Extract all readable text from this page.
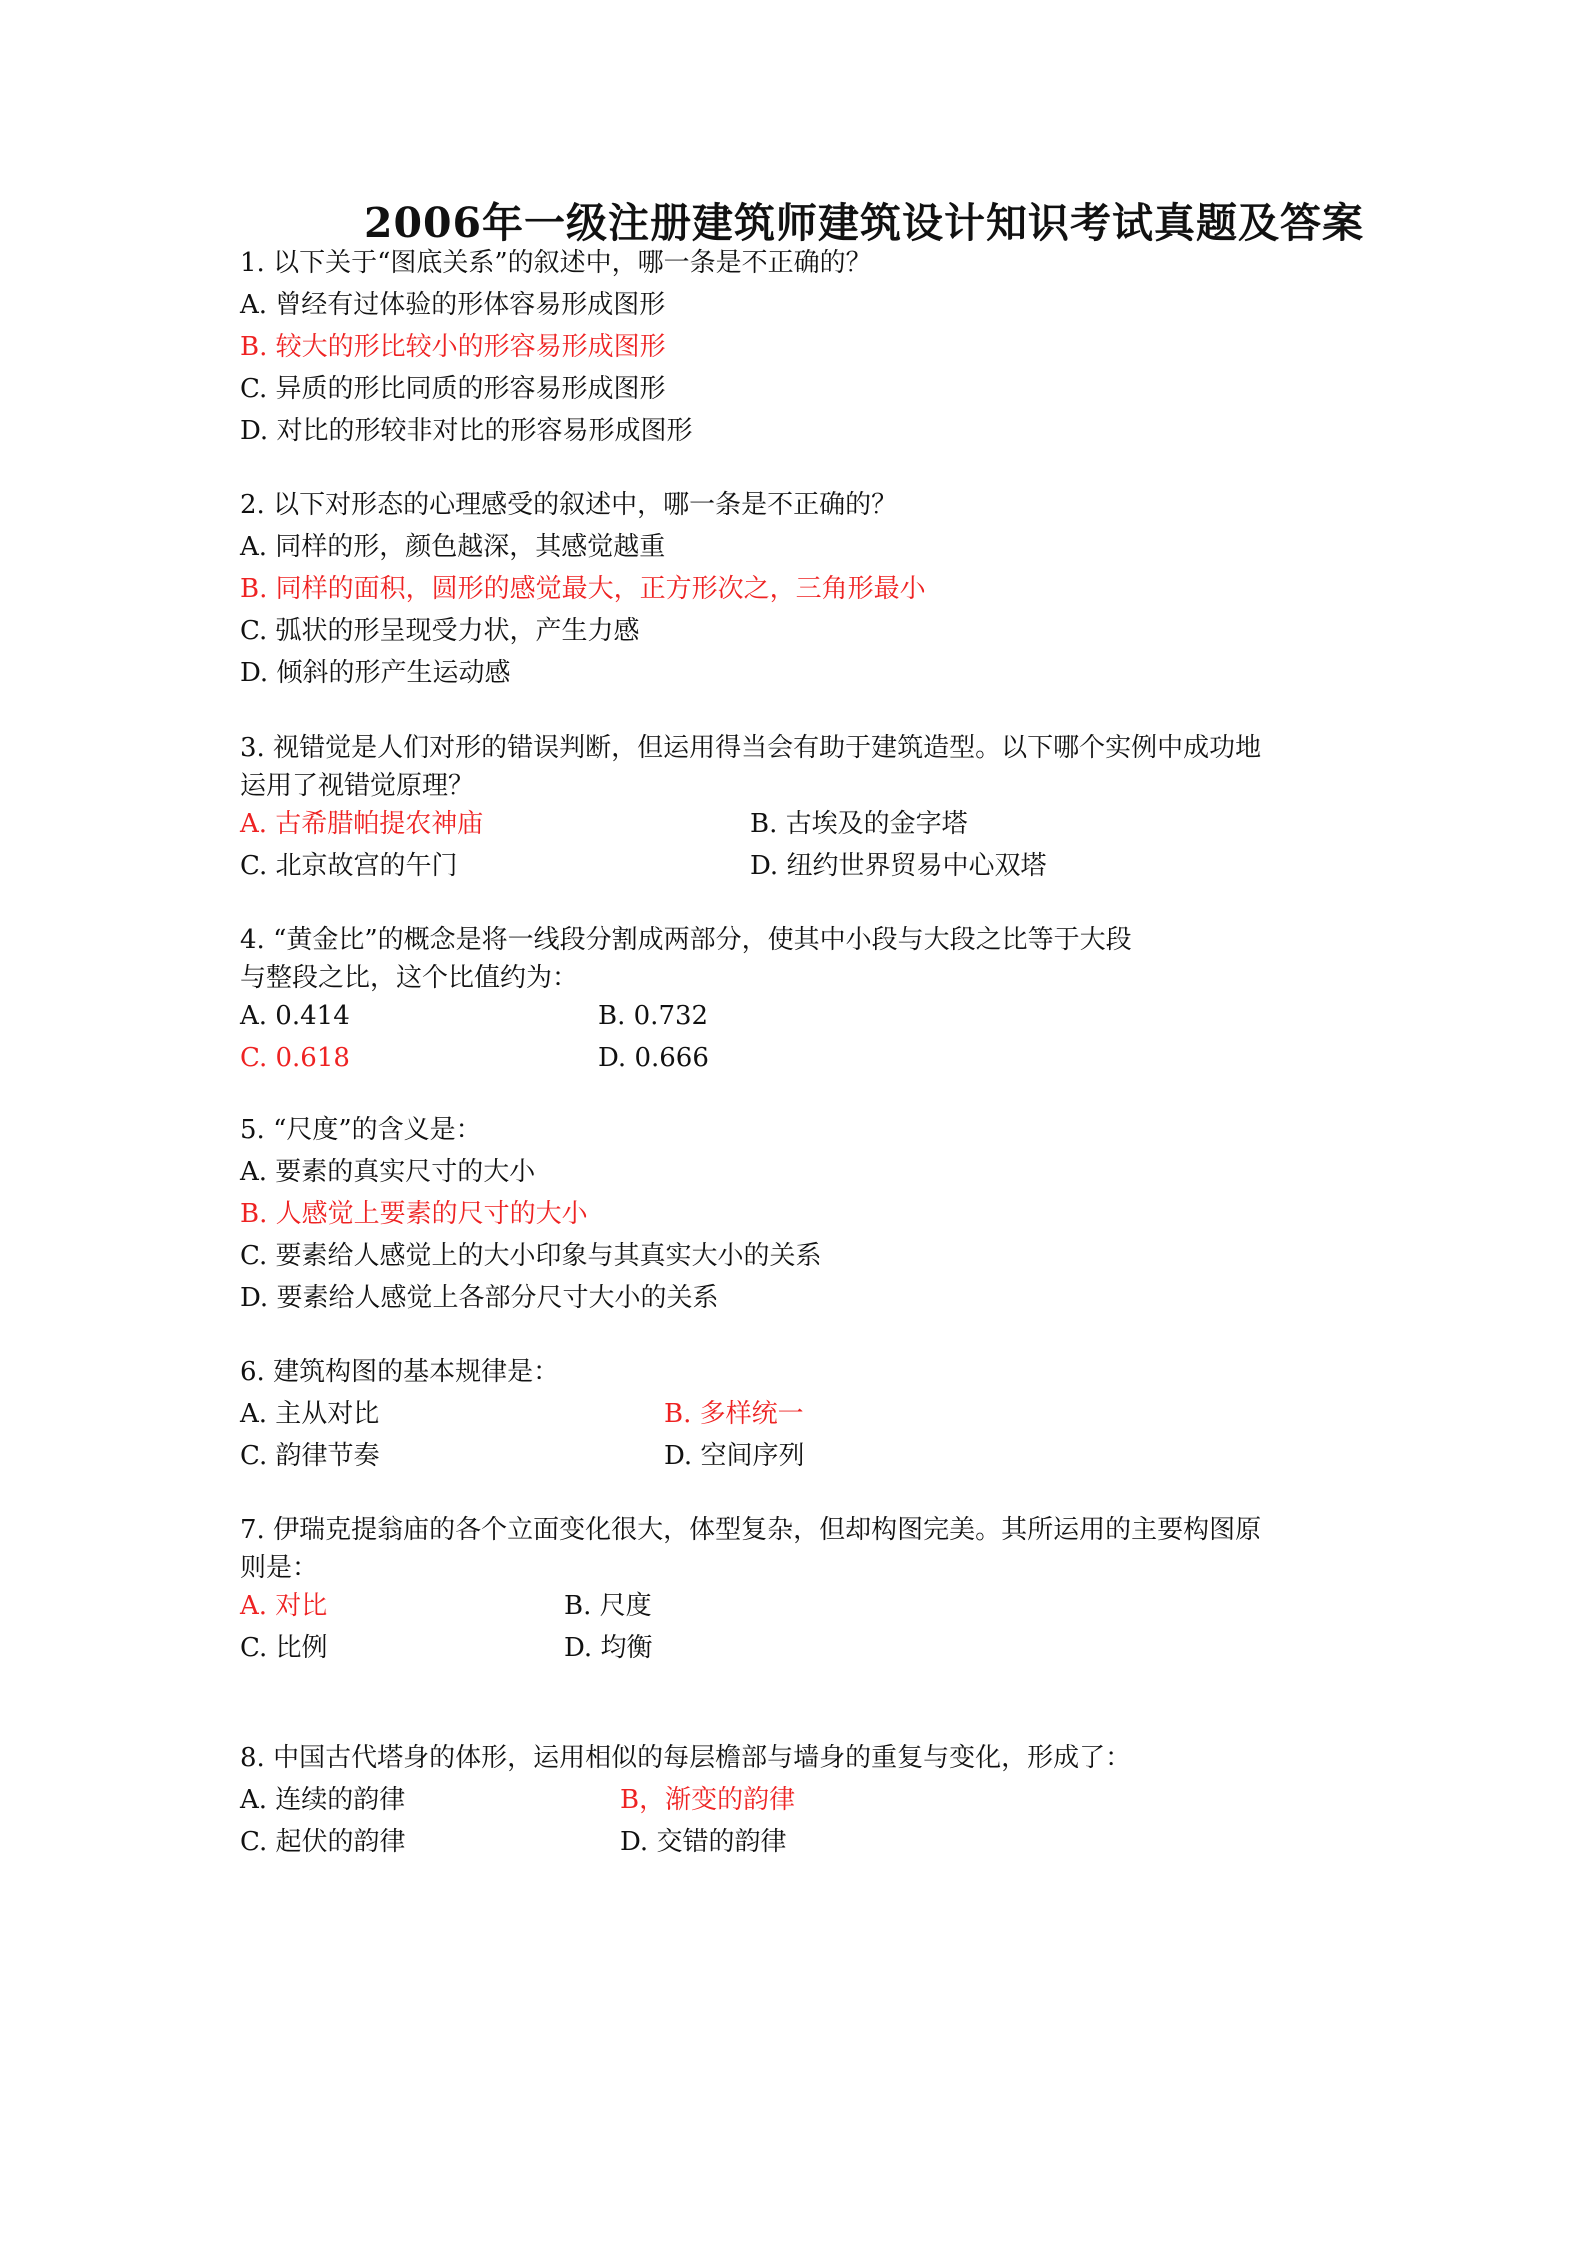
2006年一级注册建筑师建筑设计知识考试真题及答案
1. 以下关于“图底关系”的叙述中，哪一条是不正确的？
A. 曾经有过体验的形体容易形成图形
B. 较大的形比较小的形容易形成图形
C. 异质的形比同质的形容易形成图形
D. 对比的形较非对比的形容易形成图形
2. 以下对形态的心理感受的叙述中，哪一条是不正确的？
A. 同样的形，颜色越深，其感觉越重
B. 同样的面积，圆形的感觉最大，正方形次之，三角形最小
C. 弧状的形呈现受力状，产生力感
D. 倾斜的形产生运动感
3. 视错觉是人们对形的错误判断，但运用得当会有助于建筑造型。以下哪个实例中成功地
运用了视错觉原理？
A. 古希腊帕提农神庙	B. 古埃及的金字塔
C. 北京故宫的午门	D. 纽约世界贸易中心双塔
4. “黄金比”的概念是将一线段分割成两部分，使其中小段与大段之比等于大段
与整段之比，这个比值约为：
A. 0.414	B. 0.732
C. 0.618	D. 0.666
5. “尺度”的含义是：
A. 要素的真实尺寸的大小
B. 人感觉上要素的尺寸的大小
C. 要素给人感觉上的大小印象与其真实大小的关系
D. 要素给人感觉上各部分尺寸大小的关系
6. 建筑构图的基本规律是：
A. 主从对比	B. 多样统一
C. 韵律节奏	D. 空间序列
7. 伊瑞克提翁庙的各个立面变化很大，体型复杂，但却构图完美。其所运用的主要构图原
则是：
A. 对比	B. 尺度
C. 比例	D. 均衡
8. 中国古代塔身的体形，运用相似的每层檐部与墙身的重复与变化，形成了：
A. 连续的韵律	B，渐变的韵律
C. 起伏的韵律	D. 交错的韵律
